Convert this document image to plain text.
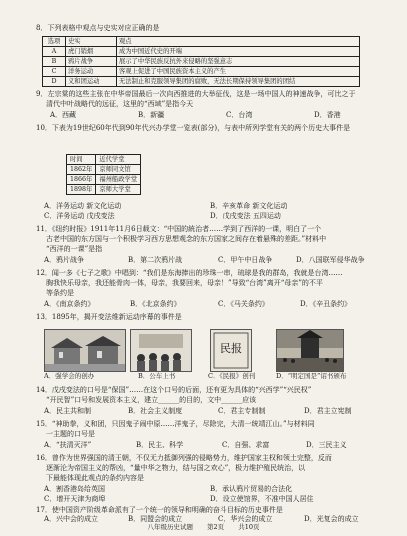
8．下列表格中观点与史实对应正确的是
选项	史实	观点
A	虎门销烟	成为中国近代史的开端
B	鸦片战争	展示了中华民族反抗外来侵略的坚强意志
C	洋务运动	客观上促进了中国民族资本主义的产生
D	义和团运动	无法制止和克服领导集团的腐败，无法长期保持领导集团的团结
9．左宗棠的这些主张在中华帝国最后一次向西推进的大举征伐，这是一场中国人的神速战争，可比之于
清代中叶战略代的远征，这里的“西域”是指今天
A．西藏	B．新疆	C．台湾	D．香港
10．下表为19世纪60年代到90年代兴办学堂一览表(部分)，与表中所列学堂有关的两个历史大事件是
时间	近代学堂
1862年	京师同文馆
1866年	福州船政学堂
1898年	京师大学堂
A．洋务运动 新文化运动	B．辛亥革命 新文化运动
C．洋务运动 戊戌变法	D．戊戌变法 五四运动
11．《纽约时报》1911年11月6日载文：“中国的統治者……学到了西洋的一课，明白了一个
古老中国的东方国与一个积极学习西方思想观念的东方国家之间存在着悬殊的差距。”材料中
“西洋的一课”是指
A．鸦片战争	B．第二次鸦片战	C．甲午中日战争	D．八国联军侵华战争
12．闻一多《七子之歌》中唱到：“我们是东海捧出的珍珠一串，琉球是我的群岛，我就是台湾……
胸我快乐母亲，我还能骨肉一体，母亲，我要回来，母亲！”导致“台湾”离开“母亲”的不平
等条约是
A．《南京条约》	B．《北京条约》	C．《马关条约》	D．《辛丑条约》
13．1895年，揭开变法维新运动序幕的事件是
民报
A．强学会的创办	B．公车上书	C．《民报》创刊	D．“明定国是”诏书颁布
14．戊戌变法的口号是“保国”……在这个口号的后面，还有更为具体的“兴西学”“兴民权”
“开民智”口号和发展资本主义，建立______的目的，文中______应该
A．民主共和制	B．社会主义制度	C．君主专制制	D．君主立宪制
15．“神助拳，义和团，只因鬼子闹中原……洋鬼子，尽除完，大清一统靖江山。”与材料同
一主题的口号是
A．“扶清灭洋”	B．民主、科学	C．自强、求富	D．三民主义
16．曾作为世界强国的清王朝，不仅无力抵御列强的侵略势力，维护国家主权和领土完整，反而
逐渐沦为帝国主义的帮凶，“量中华之物力，结与国之欢心”，极力维护殖民统治，以
下最能体现此观点的条约内容是
A．割香港岛给英国	B．承认鸦片贸易的合法化
C．增开天津为商埠	D．设立使馆界，不准中国人居住
17．使中国资产阶级革命派有了一个统一的领导和明确的奋斗目标的历史事件是
A．兴中会的成立	B．同盟会的成立	C．华兴会的成立	D．光复会的成立
八年级历史试题 第2页 共10页
